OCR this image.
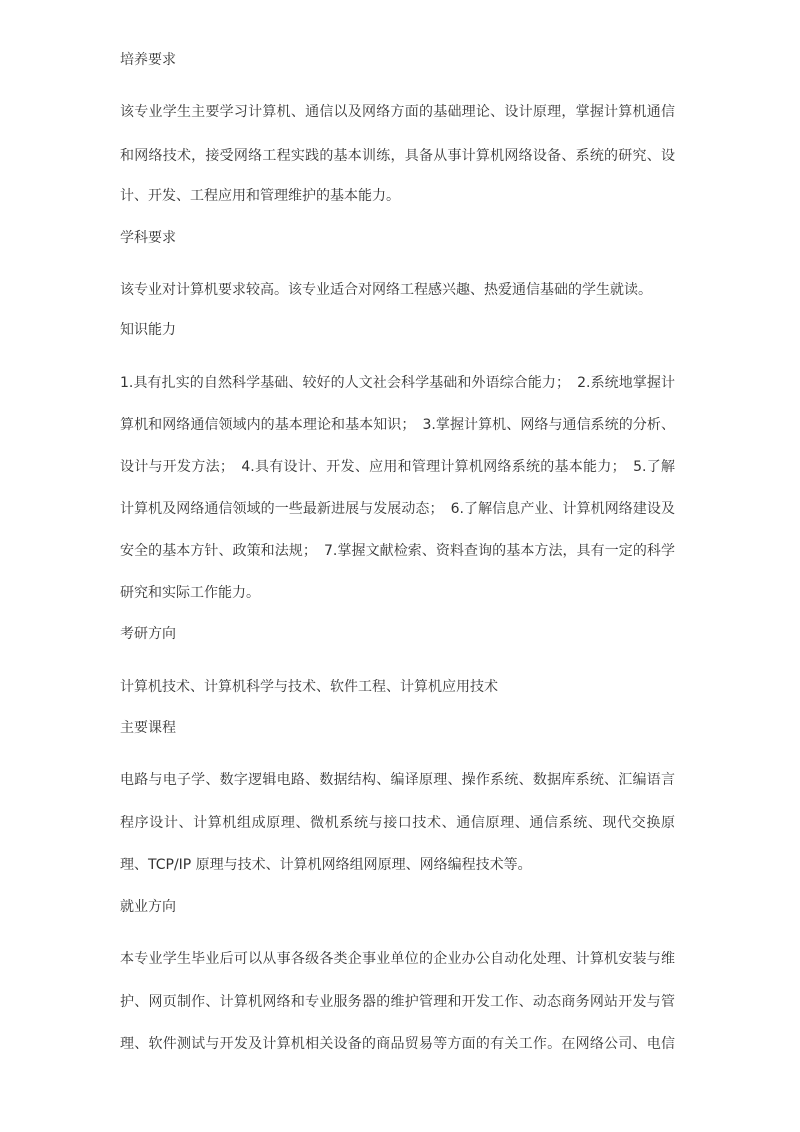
培养要求
该专业学生主要学习计算机、通信以及网络方面的基础理论、设计原理，掌握计算机通信
和网络技术，接受网络工程实践的基本训练，具备从事计算机网络设备、系统的研究、设
计、开发、工程应用和管理维护的基本能力。
学科要求
该专业对计算机要求较高。该专业适合对网络工程感兴趣、热爱通信基础的学生就读。
知识能力
1.具有扎实的自然科学基础、较好的人文社会科学基础和外语综合能力；　2.系统地掌握计
算机和网络通信领域内的基本理论和基本知识；　3.掌握计算机、网络与通信系统的分析、
设计与开发方法；　4.具有设计、开发、应用和管理计算机网络系统的基本能力；　5.了解
计算机及网络通信领域的一些最新进展与发展动态；　6.了解信息产业、计算机网络建设及
安全的基本方针、政策和法规；　7.掌握文献检索、资料查询的基本方法，具有一定的科学
研究和实际工作能力。
考研方向
计算机技术、计算机科学与技术、软件工程、计算机应用技术
主要课程
电路与电子学、数字逻辑电路、数据结构、编译原理、操作系统、数据库系统、汇编语言
程序设计、计算机组成原理、微机系统与接口技术、通信原理、通信系统、现代交换原
理、TCP/IP 原理与技术、计算机网络组网原理、网络编程技术等。
就业方向
本专业学生毕业后可以从事各级各类企事业单位的企业办公自动化处理、计算机安装与维
护、网页制作、计算机网络和专业服务器的维护管理和开发工作、动态商务网站开发与管
理、软件测试与开发及计算机相关设备的商品贸易等方面的有关工作。在网络公司、电信
